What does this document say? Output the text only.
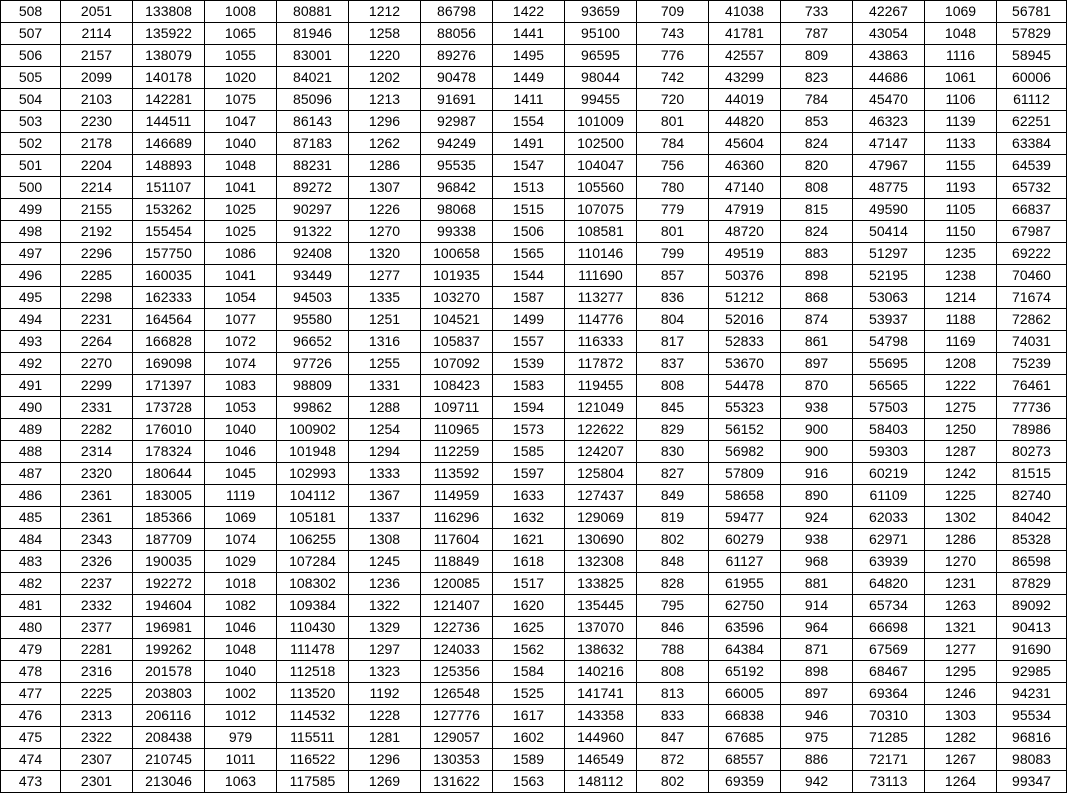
508	2051	133808	1008	80881	1212	86798	1422	93659	709	41038	733	42267	1069	56781
507	2114	135922	1065	81946	1258	88056	1441	95100	743	41781	787	43054	1048	57829
506	2157	138079	1055	83001	1220	89276	1495	96595	776	42557	809	43863	1116	58945
505	2099	140178	1020	84021	1202	90478	1449	98044	742	43299	823	44686	1061	60006
504	2103	142281	1075	85096	1213	91691	1411	99455	720	44019	784	45470	1106	61112
503	2230	144511	1047	86143	1296	92987	1554	101009	801	44820	853	46323	1139	62251
502	2178	146689	1040	87183	1262	94249	1491	102500	784	45604	824	47147	1133	63384
501	2204	148893	1048	88231	1286	95535	1547	104047	756	46360	820	47967	1155	64539
500	2214	151107	1041	89272	1307	96842	1513	105560	780	47140	808	48775	1193	65732
499	2155	153262	1025	90297	1226	98068	1515	107075	779	47919	815	49590	1105	66837
498	2192	155454	1025	91322	1270	99338	1506	108581	801	48720	824	50414	1150	67987
497	2296	157750	1086	92408	1320	100658	1565	110146	799	49519	883	51297	1235	69222
496	2285	160035	1041	93449	1277	101935	1544	111690	857	50376	898	52195	1238	70460
495	2298	162333	1054	94503	1335	103270	1587	113277	836	51212	868	53063	1214	71674
494	2231	164564	1077	95580	1251	104521	1499	114776	804	52016	874	53937	1188	72862
493	2264	166828	1072	96652	1316	105837	1557	116333	817	52833	861	54798	1169	74031
492	2270	169098	1074	97726	1255	107092	1539	117872	837	53670	897	55695	1208	75239
491	2299	171397	1083	98809	1331	108423	1583	119455	808	54478	870	56565	1222	76461
490	2331	173728	1053	99862	1288	109711	1594	121049	845	55323	938	57503	1275	77736
489	2282	176010	1040	100902	1254	110965	1573	122622	829	56152	900	58403	1250	78986
488	2314	178324	1046	101948	1294	112259	1585	124207	830	56982	900	59303	1287	80273
487	2320	180644	1045	102993	1333	113592	1597	125804	827	57809	916	60219	1242	81515
486	2361	183005	1119	104112	1367	114959	1633	127437	849	58658	890	61109	1225	82740
485	2361	185366	1069	105181	1337	116296	1632	129069	819	59477	924	62033	1302	84042
484	2343	187709	1074	106255	1308	117604	1621	130690	802	60279	938	62971	1286	85328
483	2326	190035	1029	107284	1245	118849	1618	132308	848	61127	968	63939	1270	86598
482	2237	192272	1018	108302	1236	120085	1517	133825	828	61955	881	64820	1231	87829
481	2332	194604	1082	109384	1322	121407	1620	135445	795	62750	914	65734	1263	89092
480	2377	196981	1046	110430	1329	122736	1625	137070	846	63596	964	66698	1321	90413
479	2281	199262	1048	111478	1297	124033	1562	138632	788	64384	871	67569	1277	91690
478	2316	201578	1040	112518	1323	125356	1584	140216	808	65192	898	68467	1295	92985
477	2225	203803	1002	113520	1192	126548	1525	141741	813	66005	897	69364	1246	94231
476	2313	206116	1012	114532	1228	127776	1617	143358	833	66838	946	70310	1303	95534
475	2322	208438	979	115511	1281	129057	1602	144960	847	67685	975	71285	1282	96816
474	2307	210745	1011	116522	1296	130353	1589	146549	872	68557	886	72171	1267	98083
473	2301	213046	1063	117585	1269	131622	1563	148112	802	69359	942	73113	1264	99347
